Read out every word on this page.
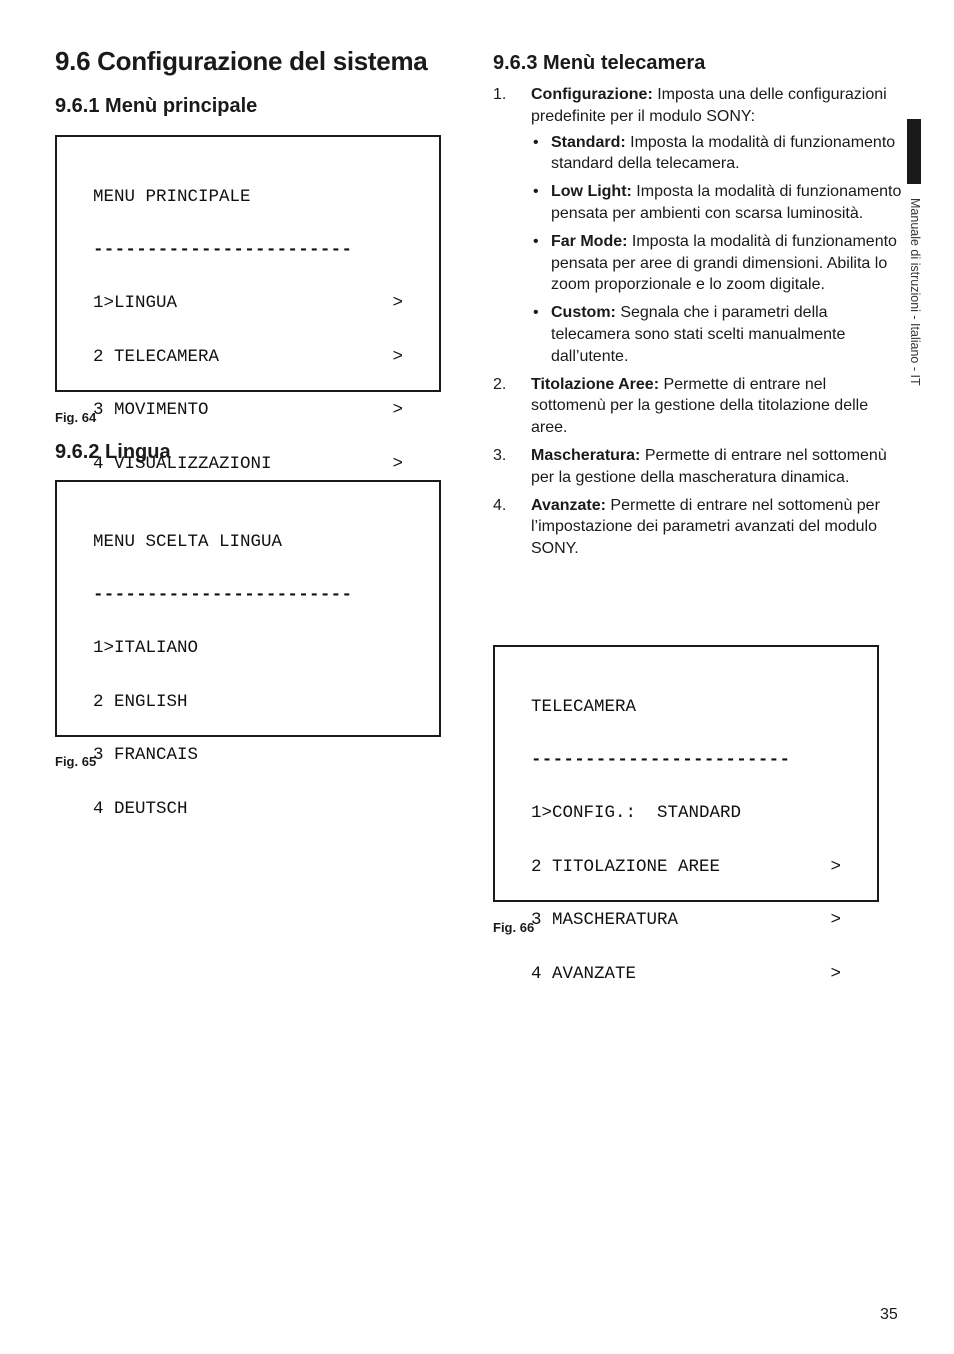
9.6 Configurazione del sistema
9.6.1 Menù principale

MENU PRINCIPALE

------------------------

1>LINGUA	>

2 TELECAMERA	>

3 MOVIMENTO	>

4 VISUALIZZAZIONI	>

Fig. 64
9.6.2 Lingua

MENU SCELTA LINGUA

------------------------

1>ITALIANO

2 ENGLISH

3 FRANCAIS

4 DEUTSCH

Fig. 65
9.6.3 Menù telecamera
1. Configurazione: Imposta una delle configurazioni predefinite per il modulo SONY:
• Standard: Imposta la modalità di funzionamento standard della telecamera.
• Low Light: Imposta la modalità di funzionamento pensata per ambienti con scarsa luminosità.
• Far Mode: Imposta la modalità di funzionamento pensata per aree di grandi dimensioni. Abilita lo zoom proporzionale e lo zoom digitale.
• Custom: Segnala che i parametri della telecamera sono stati scelti manualmente dall’utente.
2. Titolazione Aree: Permette di entrare nel sottomenù per la gestione della titolazione delle aree.
3. Mascheratura: Permette di entrare nel sottomenù per la gestione della mascheratura dinamica.
4. Avanzate: Permette di entrare nel sottomenù per l’impostazione dei parametri avanzati del modulo SONY.

TELECAMERA

------------------------

1>CONFIG.:  STANDARD

2 TITOLAZIONE AREE	>

3 MASCHERATURA	>

4 AVANZATE	>

Fig. 66
Manuale di istruzioni - Italiano - IT
35
